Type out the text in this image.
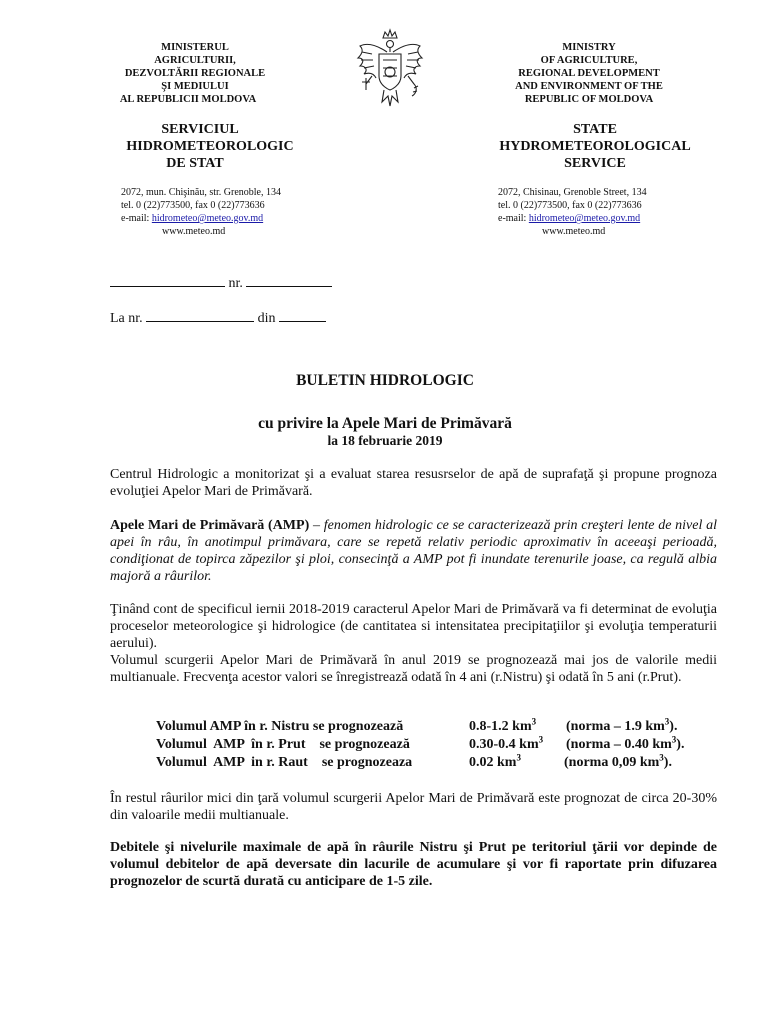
MINISTERUL
AGRICULTURII,
DEZVOLTĂRII REGIONALE
ŞI MEDIULUI
AL REPUBLICII MOLDOVA
MINISTRY
OF AGRICULTURE,
REGIONAL DEVELOPMENT
AND ENVIRONMENT OF THE
REPUBLIC OF MOLDOVA
SERVICIUL
HIDROMETEOROLOGIC
DE STAT
STATE
HYDROMETEOROLOGICAL
SERVICE
2072, mun. Chişinău, str. Grenoble, 134
tel. 0 (22)773500, fax 0 (22)773636
e-mail: hidrometeo@meteo.gov.md
www.meteo.md
2072, Chisinau, Grenoble Street, 134
tel. 0 (22)773500, fax 0 (22)773636
e-mail: hidrometeo@meteo.gov.md
www.meteo.md
nr.
La nr.	din
BULETIN HIDROLOGIC
cu privire la Apele Mari de Primăvară
la 18 februarie 2019
Centrul Hidrologic a monitorizat şi a evaluat starea resusrselor de apă de suprafaţă şi propune prognoza evoluţiei Apelor Mari de Primăvară.
Apele Mari de Primăvară (AMP) – fenomen hidrologic ce se caracterizează prin creşteri lente de nivel al apei în râu, în anotimpul primăvara, care se repetă relativ periodic aproximativ în aceeaşi perioadă, condiţionat de topirca zăpezilor şi ploi, consecinţă a AMP pot fi inundate terenurile joase, ca regulă albia majoră a râurilor.
Ţinând cont de specificul iernii 2018-2019 caracterul Apelor Mari de Primăvară va fi determinat de evoluţia proceselor meteorologice şi hidrologice (de cantitatea si intensitatea precipitaţiilor şi evoluţia temperaturii aerului).
Volumul scurgerii Apelor Mari de Primăvară în anul 2019 se prognozează mai jos de valorile medii multianuale. Frecvenţa acestor valori se înregistrează odată în 4 ani (r.Nistru) şi odată în 5 ani (r.Prut).
Volumul AMP în r. Nistru se prognozează	0.8-1.2 $km^3$ (norma – 1.9 $km^3$).
Volumul  AMP  în r. Prut    se prognozează	0.30-0.4 $km^3$ (norma – 0.40 $km^3$).
Volumul  AMP  in r. Raut    se prognozeaza	0.02 $km^3$	(norma 0,09 $km^3$).
În restul râurilor mici din ţară volumul scurgerii Apelor Mari de Primăvară este prognozat de circa 20-30% din valoarile medii multianuale.
Debitele şi nivelurile maximale de apă în râurile Nistru şi Prut pe teritoriul ţării vor depinde de volumul debitelor de apă deversate din lacurile de acumulare şi vor fi raportate prin difuzarea prognozelor de scurtă durată cu anticipare de 1-5 zile.
